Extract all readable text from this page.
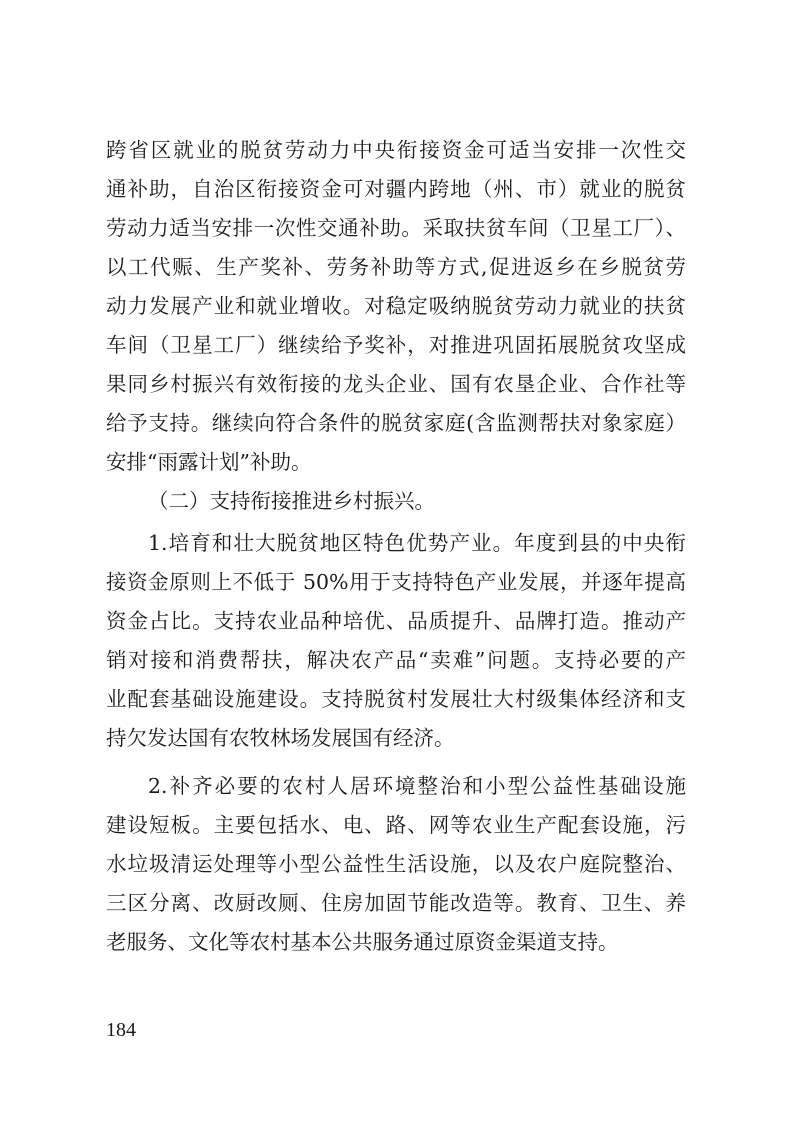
跨省区就业的脱贫劳动力中央衔接资金可适当安排一次性交
通补助，自治区衔接资金可对疆内跨地（州、市）就业的脱贫
劳动力适当安排一次性交通补助。采取扶贫车间（卫星工厂）、
以工代赈、生产奖补、劳务补助等方式,促进返乡在乡脱贫劳
动力发展产业和就业增收。对稳定吸纳脱贫劳动力就业的扶贫
车间（卫星工厂）继续给予奖补，对推进巩固拓展脱贫攻坚成
果同乡村振兴有效衔接的龙头企业、国有农垦企业、合作社等
给予支持。继续向符合条件的脱贫家庭(含监测帮扶对象家庭）
安排“雨露计划”补助。
（二）支持衔接推进乡村振兴。
1.培育和壮大脱贫地区特色优势产业。年度到县的中央衔
接资金原则上不低于 50%用于支持特色产业发展，并逐年提高
资金占比。支持农业品种培优、品质提升、品牌打造。推动产
销对接和消费帮扶，解决农产品“卖难”问题。支持必要的产
业配套基础设施建设。支持脱贫村发展壮大村级集体经济和支
持欠发达国有农牧林场发展国有经济。
2.补齐必要的农村人居环境整治和小型公益性基础设施
建设短板。主要包括水、电、路、网等农业生产配套设施，污
水垃圾清运处理等小型公益性生活设施，以及农户庭院整治、
三区分离、改厨改厕、住房加固节能改造等。教育、卫生、养
老服务、文化等农村基本公共服务通过原资金渠道支持。
184
